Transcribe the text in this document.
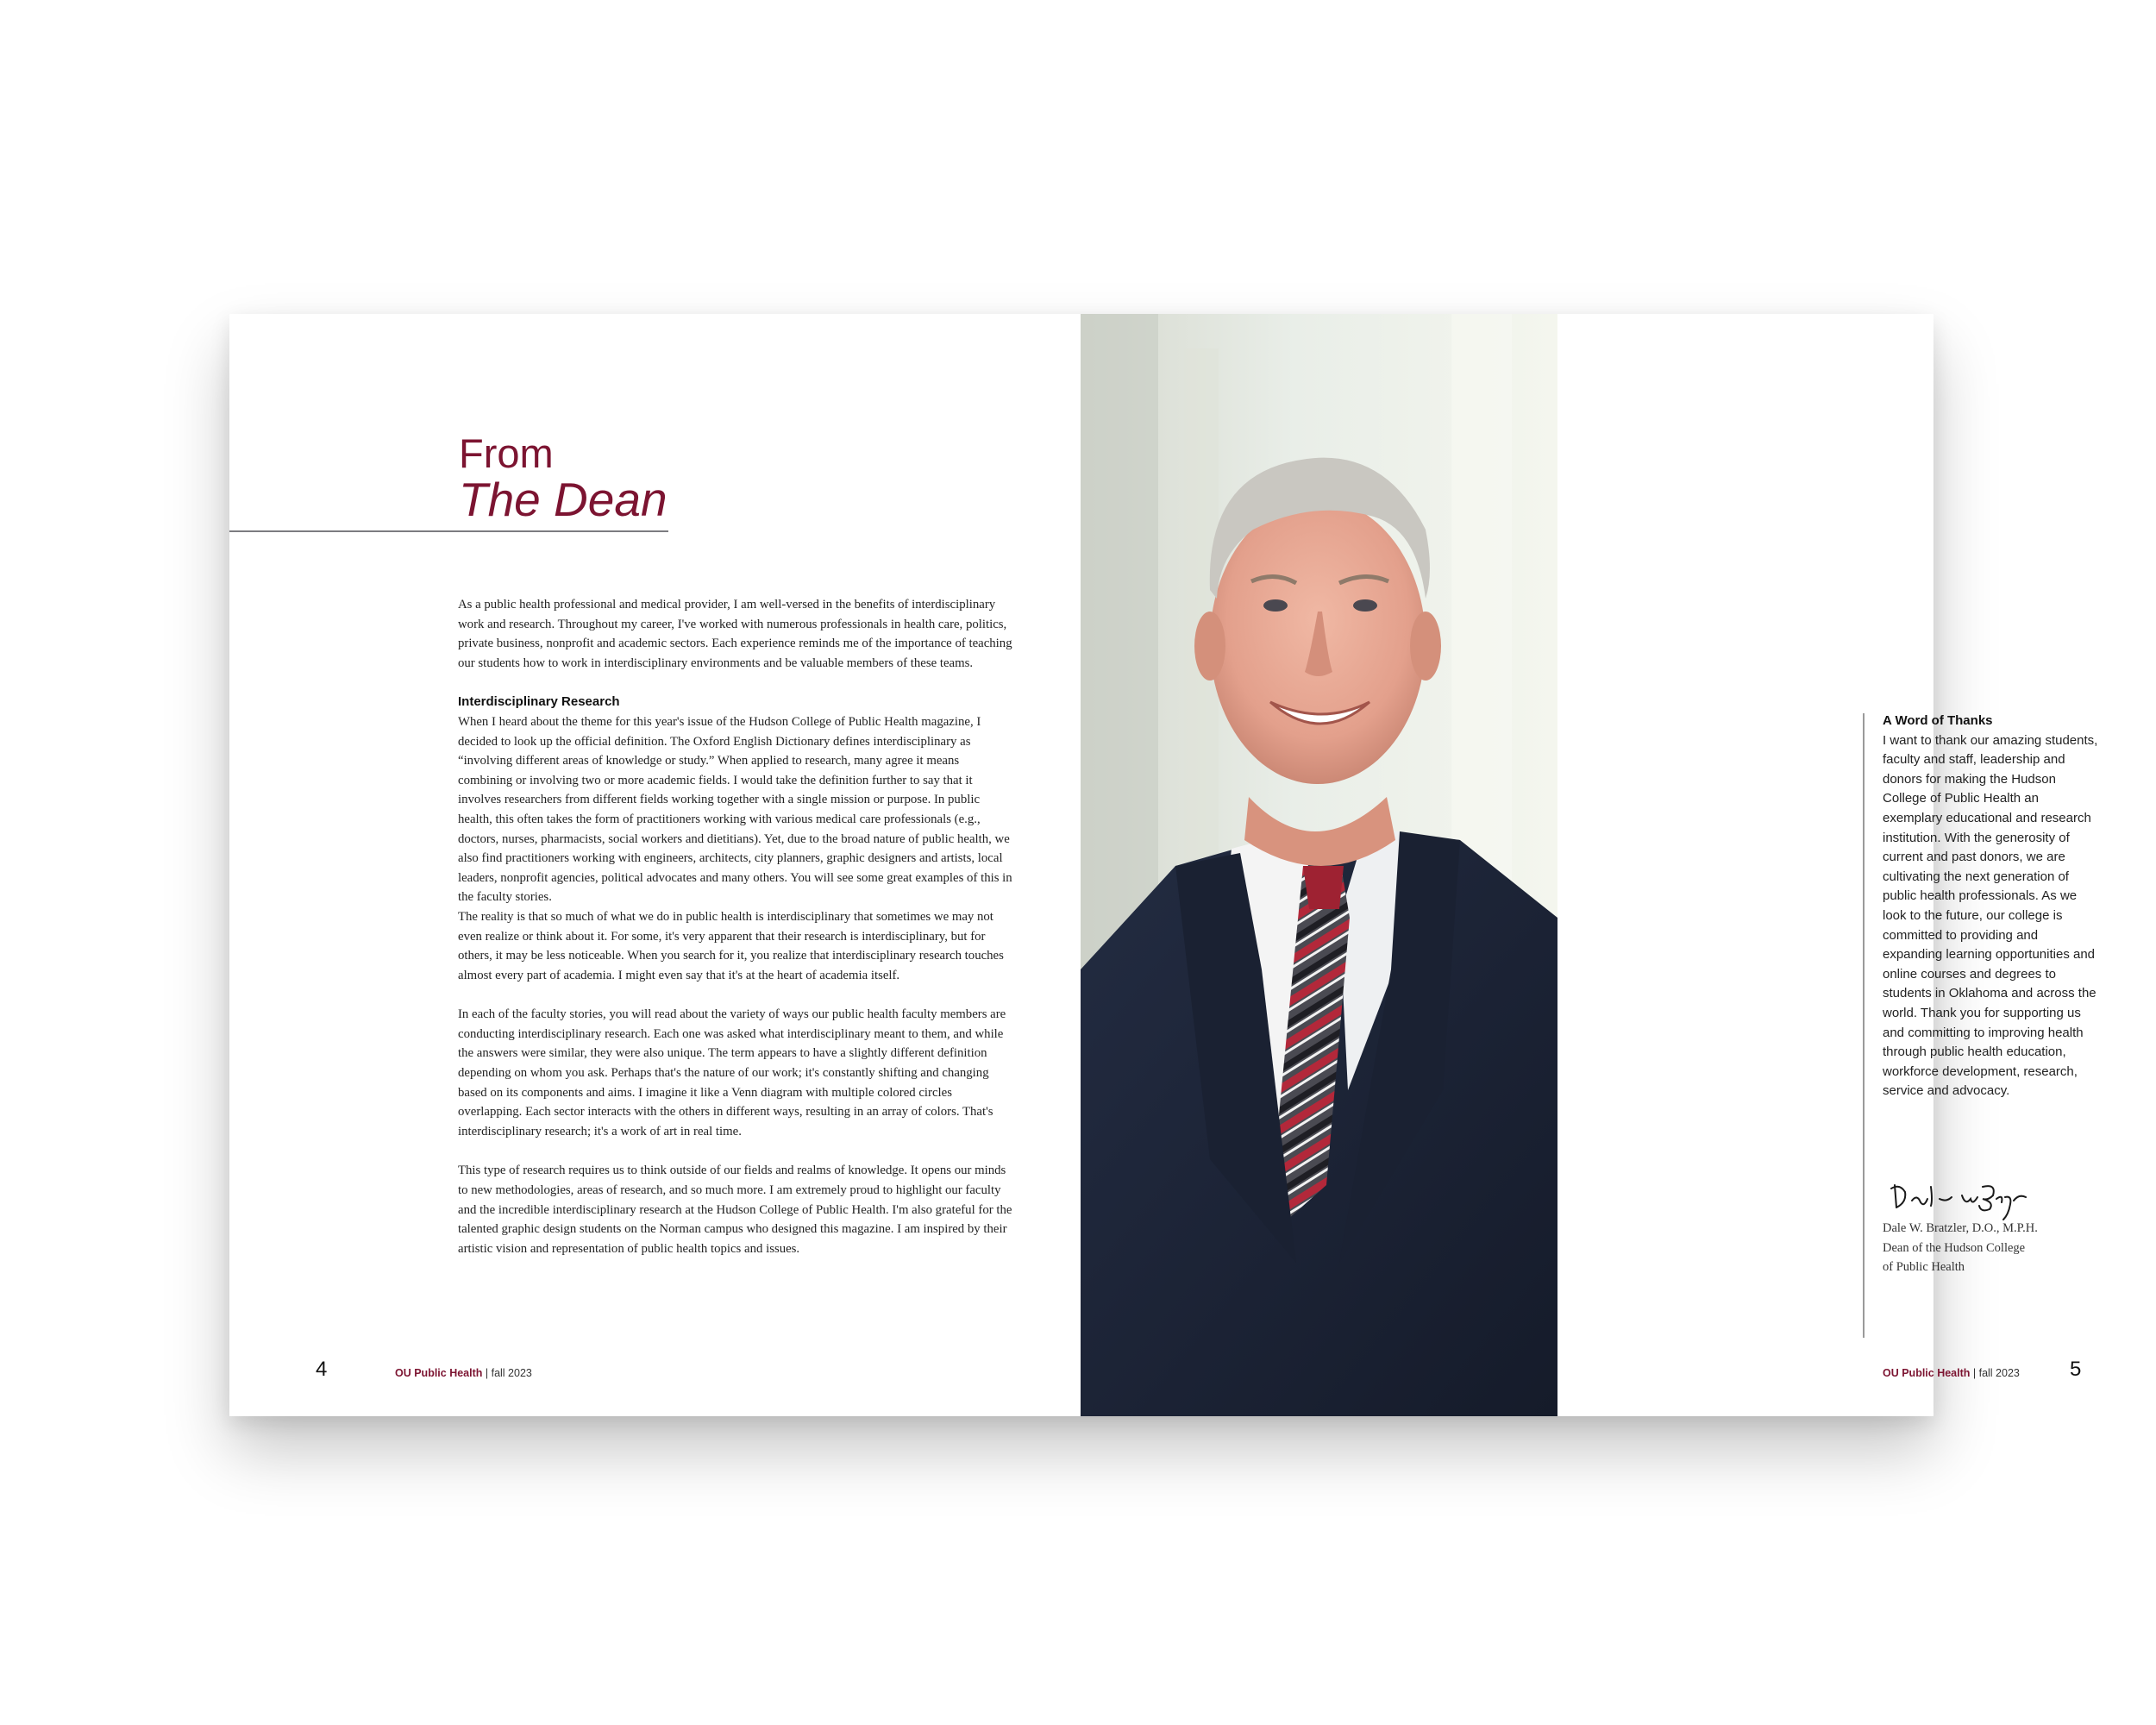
From
The Dean

As a public health professional and medical provider, I am well-versed in the benefits of interdisciplinary work and research. Throughout my career, I've worked with numerous professionals in health care, politics, private business, nonprofit and academic sectors. Each experience reminds me of the importance of teaching our students how to work in interdisciplinary environments and be valuable members of these teams.

Interdisciplinary Research

When I heard about the theme for this year's issue of the Hudson College of Public Health magazine, I decided to look up the official definition. The Oxford English Dictionary defines interdisciplinary as “involving different areas of knowledge or study.” When applied to research, many agree it means combining or involving two or more academic fields. I would take the definition further to say that it involves researchers from different fields working together with a single mission or purpose. In public health, this often takes the form of practitioners working with various medical care professionals (e.g., doctors, nurses, pharmacists, social workers and dietitians). Yet, due to the broad nature of public health, we also find practitioners working with engineers, architects, city planners, graphic designers and artists, local leaders, nonprofit agencies, political advocates and many others. You will see some great examples of this in the faculty stories.

The reality is that so much of what we do in public health is interdisciplinary that sometimes we may not even realize or think about it. For some, it's very apparent that their research is interdisciplinary, but for others, it may be less noticeable. When you search for it, you realize that interdisciplinary research touches almost every part of academia. I might even say that it's at the heart of academia itself.

In each of the faculty stories, you will read about the variety of ways our public health faculty members are conducting interdisciplinary research. Each one was asked what interdisciplinary meant to them, and while the answers were similar, they were also unique. The term appears to have a slightly different definition depending on whom you ask. Perhaps that's the nature of our work; it's constantly shifting and changing based on its components and aims. I imagine it like a Venn diagram with multiple colored circles overlapping. Each sector interacts with the others in different ways, resulting in an array of colors. That's interdisciplinary research; it's a work of art in real time.

This type of research requires us to think outside of our fields and realms of knowledge. It opens our minds to new methodologies, areas of research, and so much more. I am extremely proud to highlight our faculty and the incredible interdisciplinary research at the Hudson College of Public Health. I'm also grateful for the talented graphic design students on the Norman campus who designed this magazine. I am inspired by their artistic vision and representation of public health topics and issues.

4	OU Public Health | fall 2023
A Word of Thanks

I want to thank our amazing students, faculty and staff, leadership and donors for making the Hudson College of Public Health an exemplary educational and research institution. With the generosity of current and past donors, we are cultivating the next generation of public health professionals. As we look to the future, our college is committed to providing and expanding learning opportunities and online courses and degrees to students in Oklahoma and across the world. Thank you for supporting us and committing to improving health through public health education, workforce development, research, service and advocacy.

Dale W. Bratzler, D.O., M.P.H.
Dean of the Hudson College
of Public Health
OU Public Health | fall 2023 5
